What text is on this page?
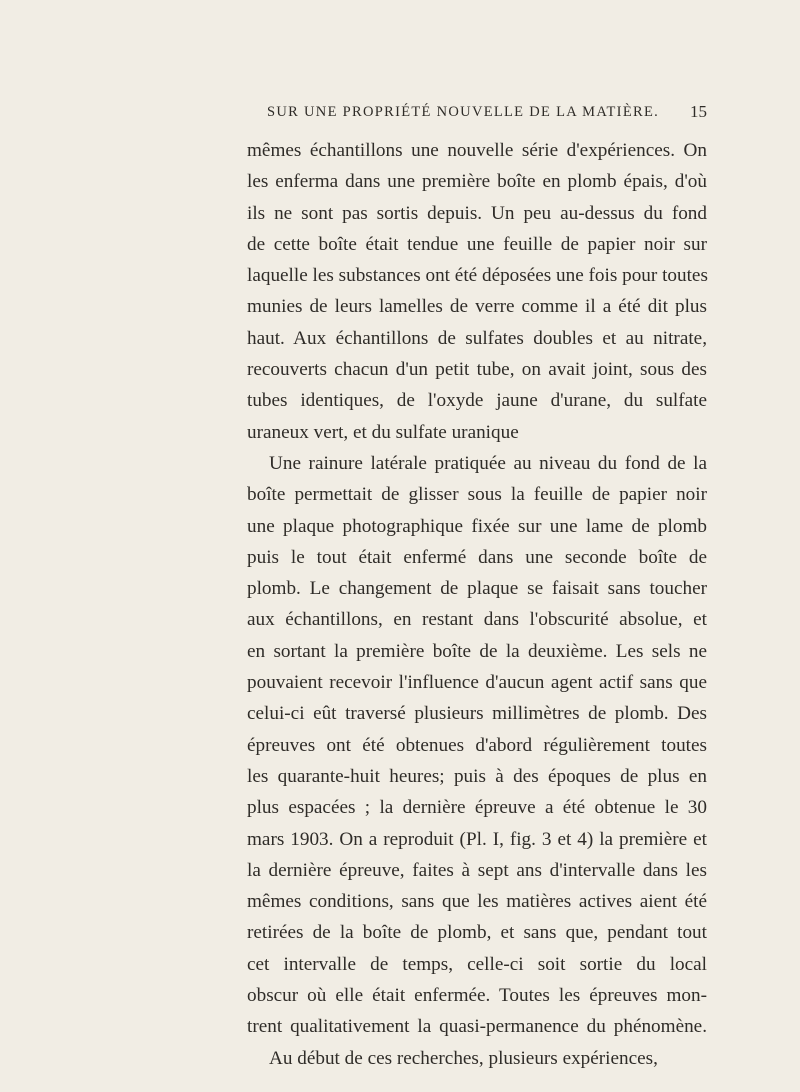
SUR UNE PROPRIÉTÉ NOUVELLE DE LA MATIÈRE. 15
mêmes échantillons une nouvelle série d'expériences. On
les enferma dans une première boîte en plomb épais, d'où
ils ne sont pas sortis depuis. Un peu au-dessus du fond
de cette boîte était tendue une feuille de papier noir sur
laquelle les substances ont été déposées une fois pour toutes
munies de leurs lamelles de verre comme il a été dit plus
haut. Aux échantillons de sulfates doubles et au nitrate,
recouverts chacun d'un petit tube, on avait joint, sous des
tubes identiques, de l'oxyde jaune d'urane, du sulfate
uraneux vert, et du sulfate uranique
Une rainure latérale pratiquée au niveau du fond de la
boîte permettait de glisser sous la feuille de papier noir
une plaque photographique fixée sur une lame de plomb
puis le tout était enfermé dans une seconde boîte de
plomb. Le changement de plaque se faisait sans toucher
aux échantillons, en restant dans l'obscurité absolue, et
en sortant la première boîte de la deuxième. Les sels ne
pouvaient recevoir l'influence d'aucun agent actif sans que
celui-ci eût traversé plusieurs millimètres de plomb. Des
épreuves ont été obtenues d'abord régulièrement toutes
les quarante-huit heures; puis à des époques de plus en
plus espacées ; la dernière épreuve a été obtenue le 30
mars 1903. On a reproduit (Pl. I, fig. 3 et 4) la première et
la dernière épreuve, faites à sept ans d'intervalle dans les
mêmes conditions, sans que les matières actives aient été
retirées de la boîte de plomb, et sans que, pendant tout
cet intervalle de temps, celle-ci soit sortie du local
obscur où elle était enfermée. Toutes les épreuves mon-
trent qualitativement la quasi-permanence du phénomène.
Au début de ces recherches, plusieurs expériences,
